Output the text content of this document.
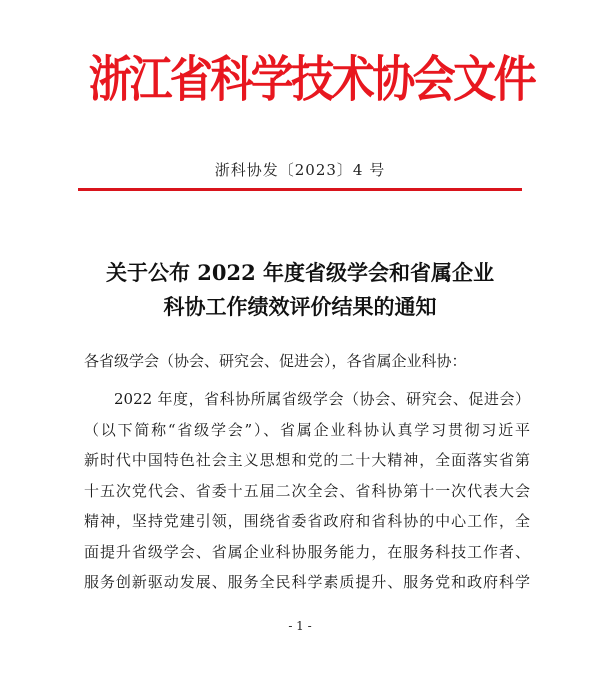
浙江省科学技术协会文件
浙科协发〔2023〕4 号
关于公布 2022 年度省级学会和省属企业
科协工作绩效评价结果的通知
各省级学会（协会、研究会、促进会），各省属企业科协：
2022 年度，省科协所属省级学会（协会、研究会、促进会）
（以下简称“省级学会”）、省属企业科协认真学习贯彻习近平
新时代中国特色社会主义思想和党的二十大精神，全面落实省第
十五次党代会、省委十五届二次全会、省科协第十一次代表大会
精神，坚持党建引领，围绕省委省政府和省科协的中心工作，全
面提升省级学会、省属企业科协服务能力，在服务科技工作者、
服务创新驱动发展、服务全民科学素质提升、服务党和政府科学
- 1 -
